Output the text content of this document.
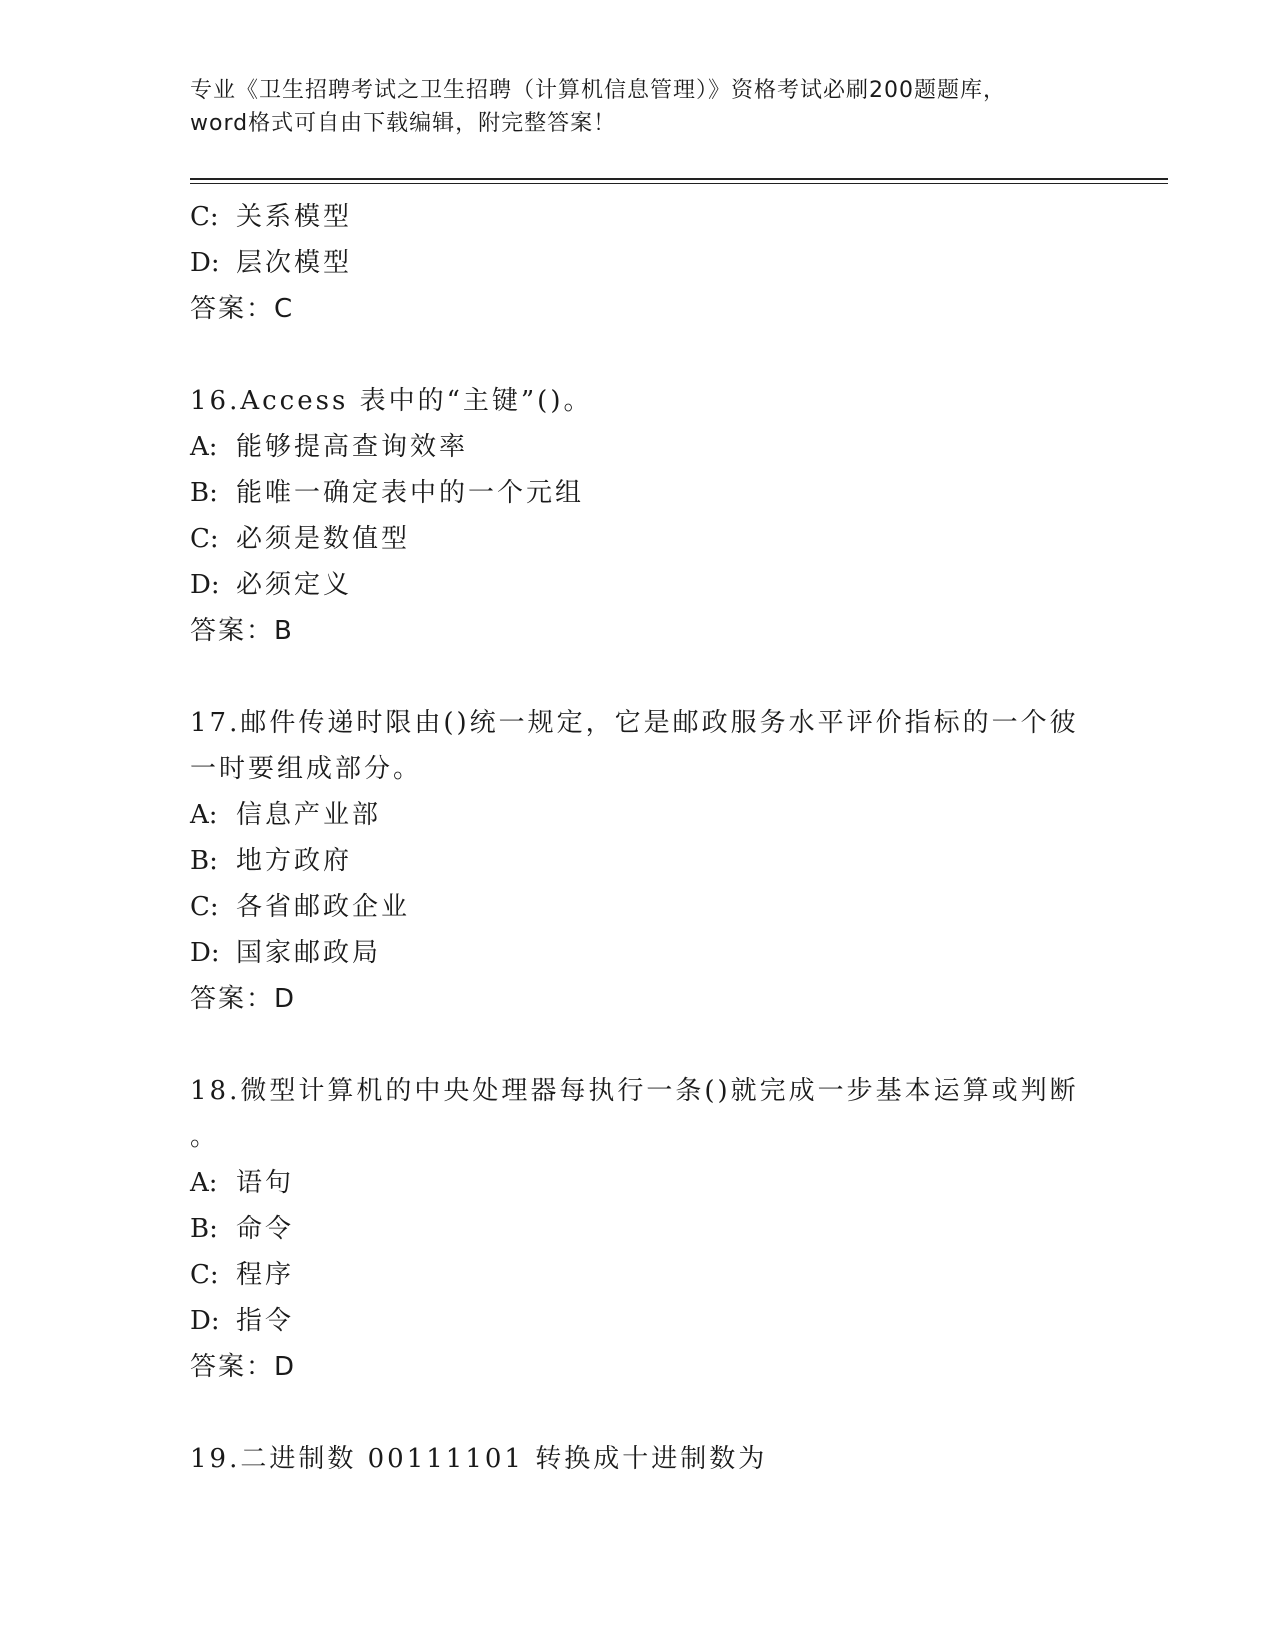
专业《卫生招聘考试之卫生招聘（计算机信息管理）》资格考试必刷200题题库，
word格式可自由下载编辑，附完整答案！
C: 关系模型
D: 层次模型
答案：C
16.Access 表中的“主键”()。
A: 能够提高查询效率
B: 能唯一确定表中的一个元组
C: 必须是数值型
D: 必须定义
答案：B
17.邮件传递时限由()统一规定，它是邮政服务水平评价指标的一个彼
一时要组成部分。
A: 信息产业部
B: 地方政府
C: 各省邮政企业
D: 国家邮政局
答案：D
18.微型计算机的中央处理器每执行一条()就完成一步基本运算或判断
。
A: 语句
B: 命令
C: 程序
D: 指令
答案：D
19.二进制数 00111101 转换成十进制数为
